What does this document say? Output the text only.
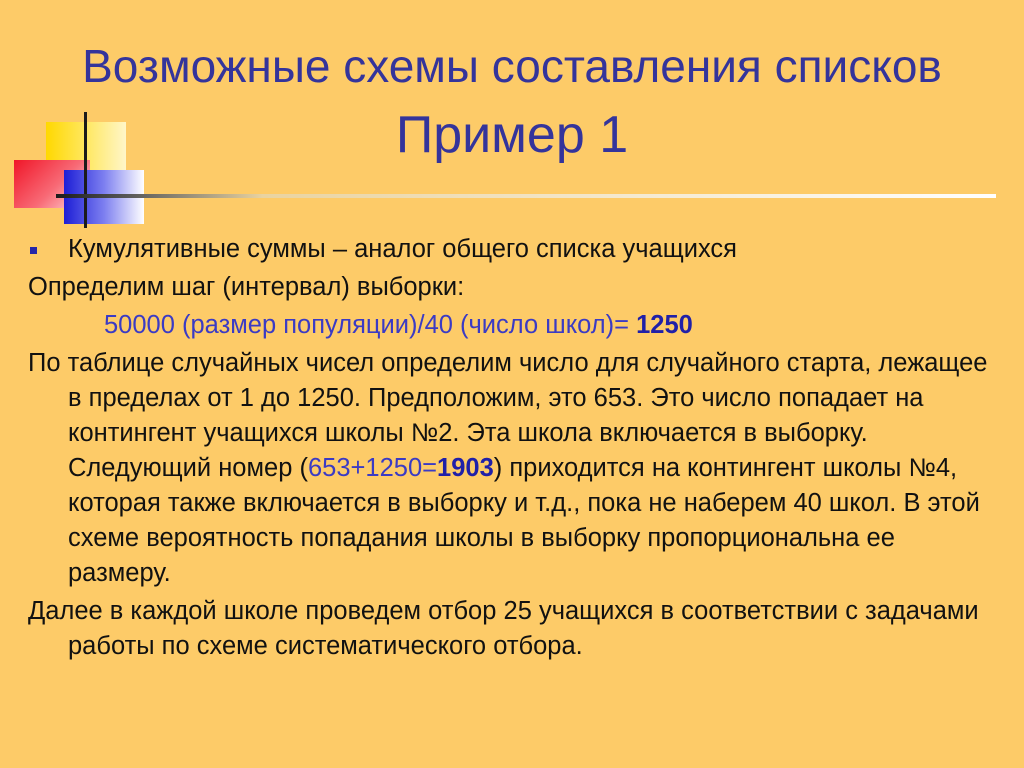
Возможные схемы составления списков
Пример 1
Кумулятивные суммы – аналог общего списка учащихся
Определим шаг (интервал) выборки:
50000 (размер популяции)/40 (число школ)= 1250
По таблице случайных чисел определим число для случайного старта, лежащее в пределах от 1 до 1250. Предположим, это 653. Это число попадает на контингент учащихся школы №2. Эта школа включается в выборку. Следующий номер (653+1250=1903) приходится на контингент школы №4, которая также включается в выборку и т.д., пока не наберем 40 школ. В этой схеме вероятность попадания школы в выборку пропорциональна ее размеру.
Далее в каждой школе проведем отбор 25 учащихся в соответствии с задачами работы по схеме систематического отбора.
